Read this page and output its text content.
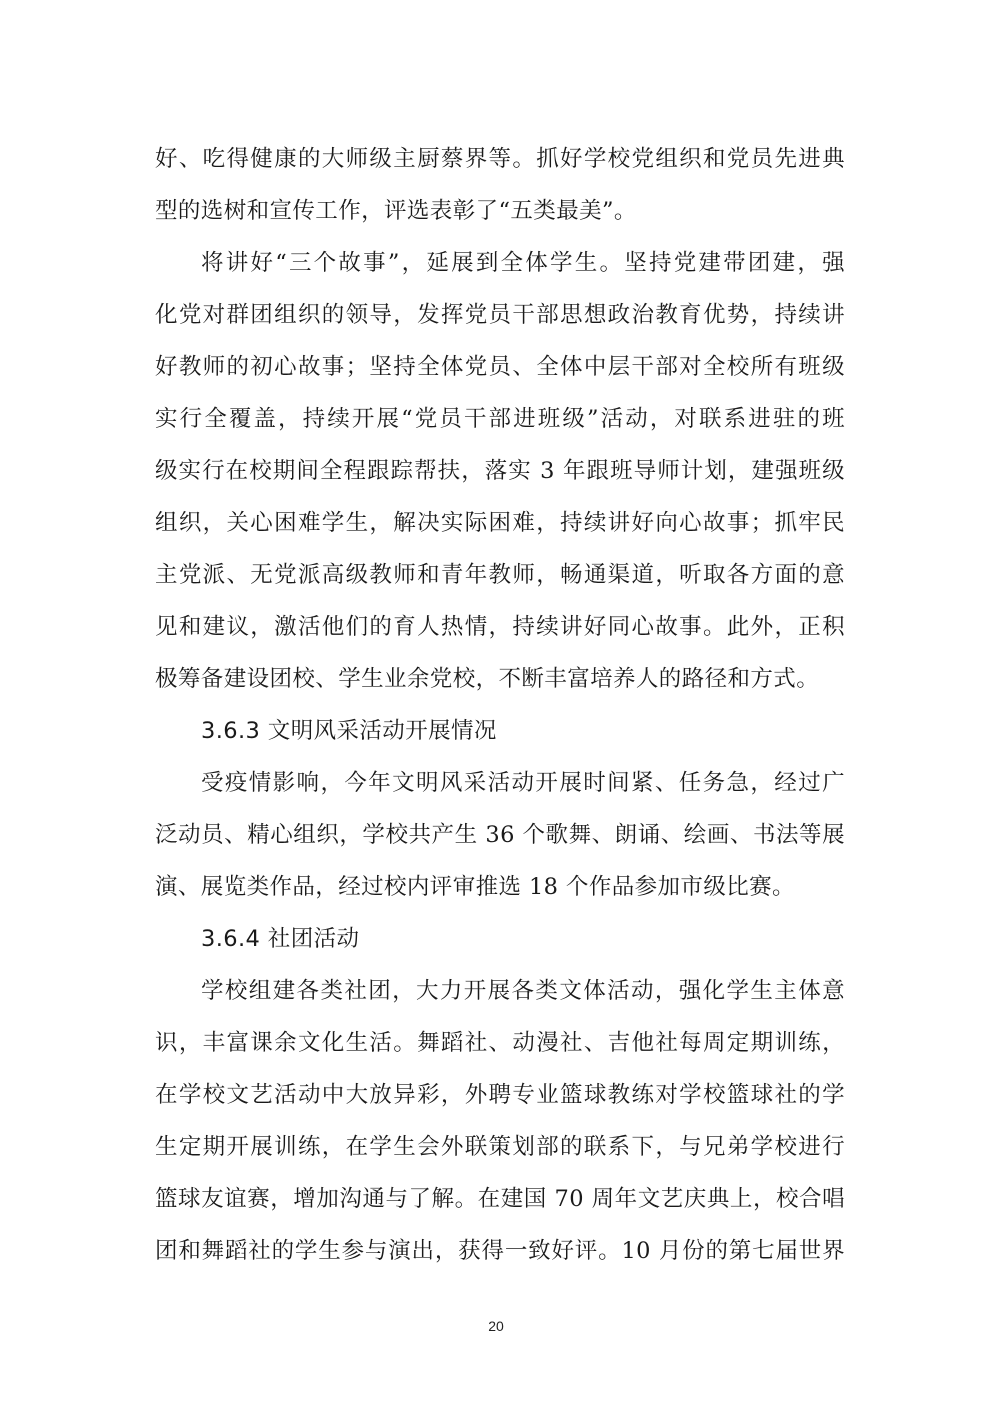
好、吃得健康的大师级主厨蔡界等。抓好学校党组织和党员先进典
型的选树和宣传工作，评选表彰了“五类最美”。
将讲好“三个故事”，延展到全体学生。坚持党建带团建，强
化党对群团组织的领导，发挥党员干部思想政治教育优势，持续讲
好教师的初心故事；坚持全体党员、全体中层干部对全校所有班级
实行全覆盖，持续开展“党员干部进班级”活动，对联系进驻的班
级实行在校期间全程跟踪帮扶，落实 3 年跟班导师计划，建强班级
组织，关心困难学生，解决实际困难，持续讲好向心故事；抓牢民
主党派、无党派高级教师和青年教师，畅通渠道，听取各方面的意
见和建议，激活他们的育人热情，持续讲好同心故事。此外，正积
极筹备建设团校、学生业余党校，不断丰富培养人的路径和方式。
3.6.3 文明风采活动开展情况
受疫情影响，今年文明风采活动开展时间紧、任务急，经过广
泛动员、精心组织，学校共产生 36 个歌舞、朗诵、绘画、书法等展
演、展览类作品，经过校内评审推选 18 个作品参加市级比赛。
3.6.4 社团活动
学校组建各类社团，大力开展各类文体活动，强化学生主体意
识，丰富课余文化生活。舞蹈社、动漫社、吉他社每周定期训练，
在学校文艺活动中大放异彩，外聘专业篮球教练对学校篮球社的学
生定期开展训练，在学生会外联策划部的联系下，与兄弟学校进行
篮球友谊赛，增加沟通与了解。在建国 70 周年文艺庆典上，校合唱
团和舞蹈社的学生参与演出，获得一致好评。10 月份的第七届世界
20
